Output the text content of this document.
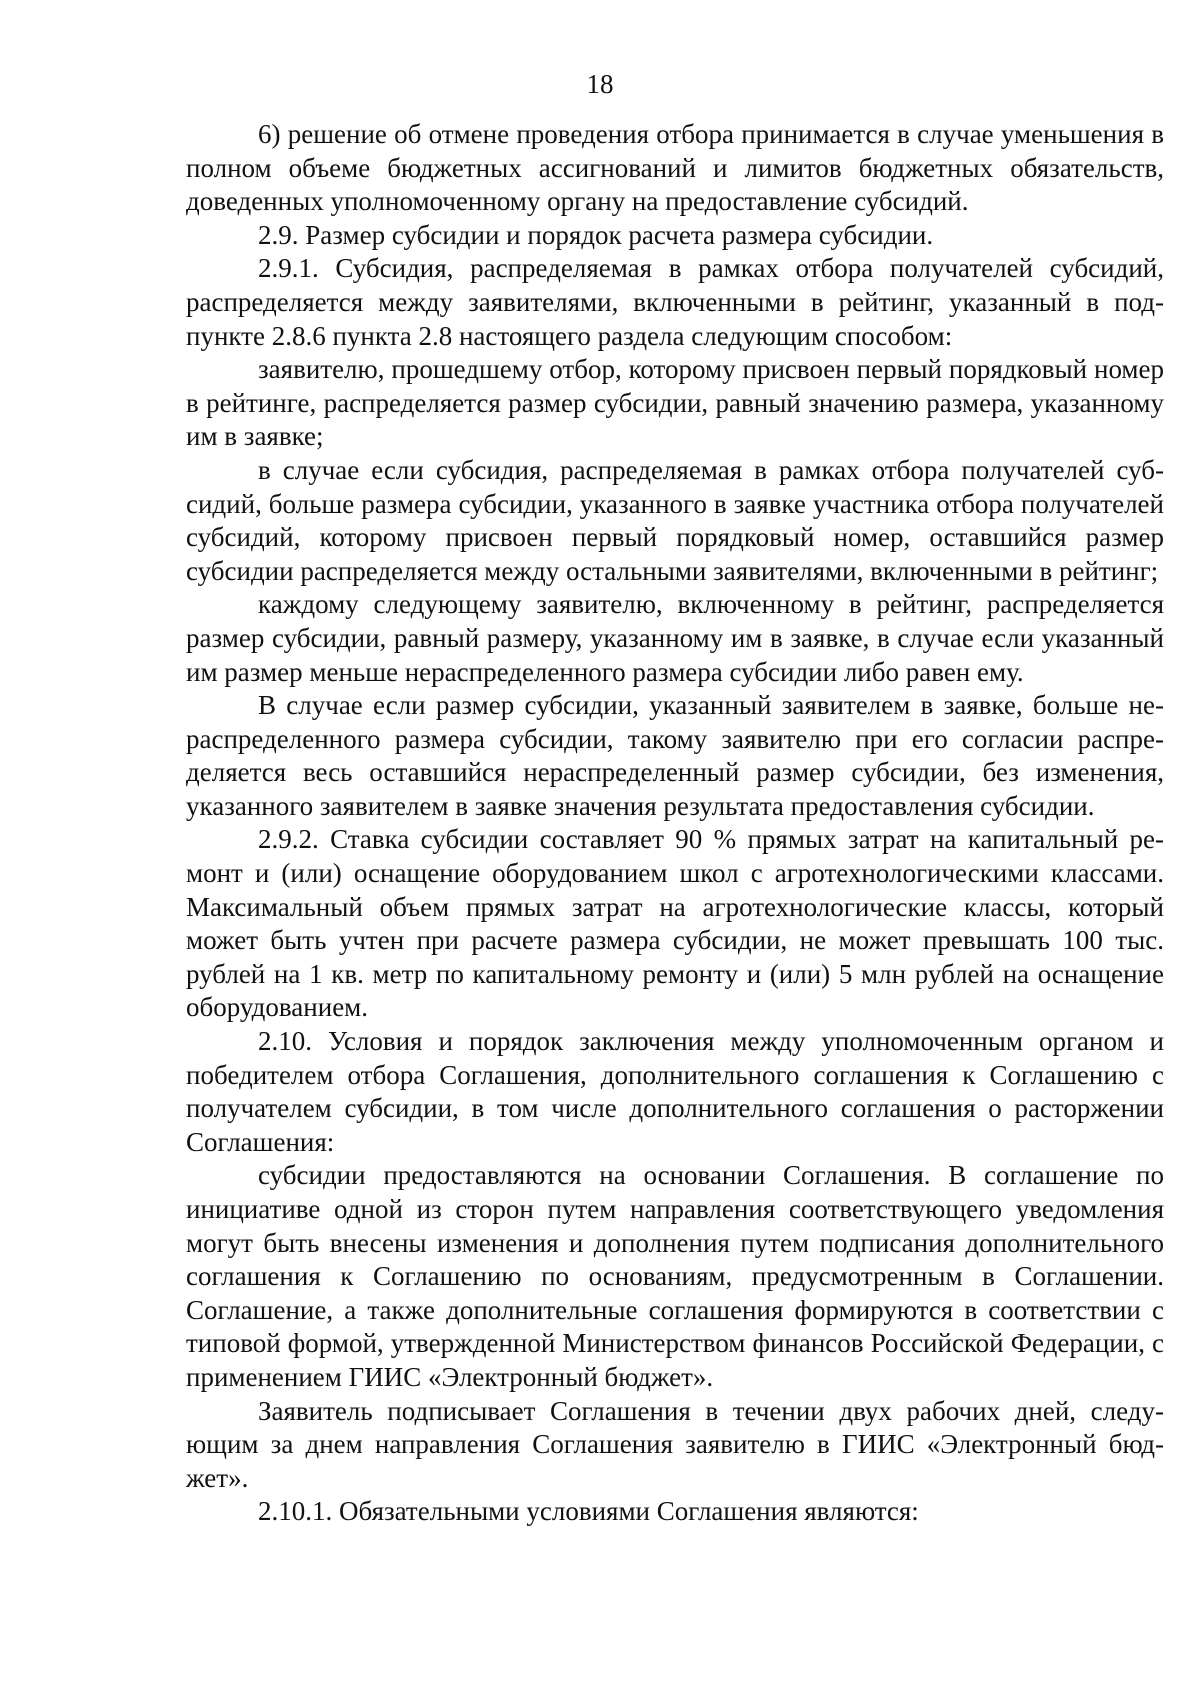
18

6) решение об отмене проведения отбора принимается в случае уменьшения в полном объеме бюджетных ассигнований и лимитов бюджетных обязательств, доведенных уполномоченному органу на предоставление субсидий.

2.9. Размер субсидии и порядок расчета размера субсидии.

2.9.1. Субсидия, распределяемая в рамках отбора получателей субсидий, распределяется между заявителями, включенными в рейтинг, указанный в подпункте 2.8.6 пункта 2.8 настоящего раздела следующим способом:

заявителю, прошедшему отбор, которому присвоен первый порядковый номер в рейтинге, распределяется размер субсидии, равный значению размера, указанному им в заявке;

в случае если субсидия, распределяемая в рамках отбора получателей субсидий, больше размера субсидии, указанного в заявке участника отбора получателей субсидий, которому присвоен первый порядковый номер, оставшийся размер субсидии распределяется между остальными заявителями, включенными в рейтинг;

каждому следующему заявителю, включенному в рейтинг, распределяется размер субсидии, равный размеру, указанному им в заявке, в случае если указанный им размер меньше нераспределенного размера субсидии либо равен ему.

В случае если размер субсидии, указанный заявителем в заявке, больше нераспределенного размера субсидии, такому заявителю при его согласии распределяется весь оставшийся нераспределенный размер субсидии, без изменения, указанного заявителем в заявке значения результата предоставления субсидии.

2.9.2. Ставка субсидии составляет 90 % прямых затрат на капитальный ремонт и (или) оснащение оборудованием школ с агротехнологическими классами. Максимальный объем прямых затрат на агротехнологические классы, который может быть учтен при расчете размера субсидии, не может превышать 100 тыс. рублей на 1 кв. метр по капитальному ремонту и (или) 5 млн рублей на оснащение оборудованием.

2.10. Условия и порядок заключения между уполномоченным органом и победителем отбора Соглашения, дополнительного соглашения к Соглашению с получателем субсидии, в том числе дополнительного соглашения о расторжении Соглашения:

субсидии предоставляются на основании Соглашения. В соглашение по инициативе одной из сторон путем направления соответствующего уведомления могут быть внесены изменения и дополнения путем подписания дополнительного соглашения к Соглашению по основаниям, предусмотренным в Соглашении. Соглашение, а также дополнительные соглашения формируются в соответствии с типовой формой, утвержденной Министерством финансов Российской Федерации, с применением ГИИС «Электронный бюджет».

Заявитель подписывает Соглашения в течении двух рабочих дней, следующим за днем направления Соглашения заявителю в ГИИС «Электронный бюджет».

2.10.1. Обязательными условиями Соглашения являются:
